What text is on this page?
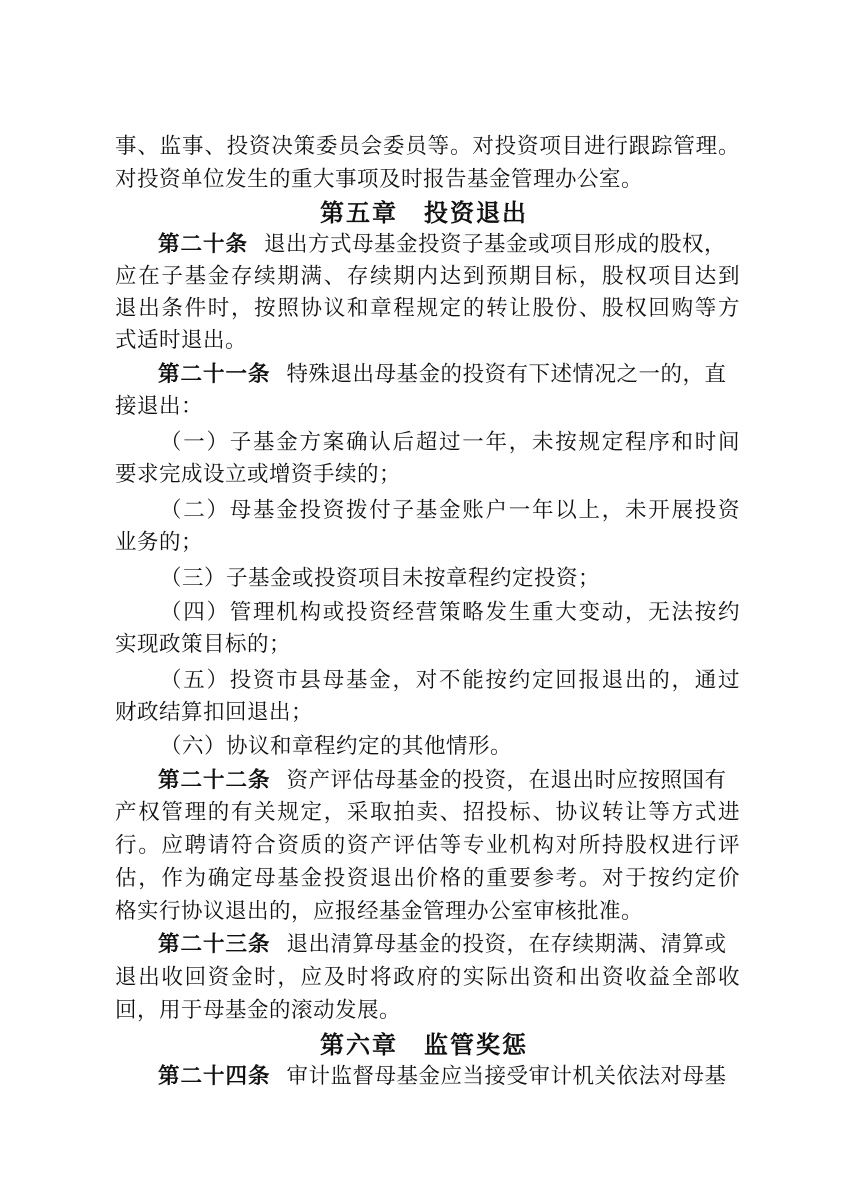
事、监事、投资决策委员会委员等。对投资项目进行跟踪管理。
对投资单位发生的重大事项及时报告基金管理办公室。
第五章　投资退出
第二十条 退出方式母基金投资子基金或项目形成的股权，
应在子基金存续期满、存续期内达到预期目标，股权项目达到
退出条件时，按照协议和章程规定的转让股份、股权回购等方
式适时退出。
第二十一条 特殊退出母基金的投资有下述情况之一的，直
接退出：
（一）子基金方案确认后超过一年，未按规定程序和时间
要求完成设立或增资手续的；
（二）母基金投资拨付子基金账户一年以上，未开展投资
业务的；
（三）子基金或投资项目未按章程约定投资；
（四）管理机构或投资经营策略发生重大变动，无法按约
实现政策目标的；
（五）投资市县母基金，对不能按约定回报退出的，通过
财政结算扣回退出；
（六）协议和章程约定的其他情形。
第二十二条 资产评估母基金的投资，在退出时应按照国有
产权管理的有关规定，采取拍卖、招投标、协议转让等方式进
行。应聘请符合资质的资产评估等专业机构对所持股权进行评
估，作为确定母基金投资退出价格的重要参考。对于按约定价
格实行协议退出的，应报经基金管理办公室审核批准。
第二十三条 退出清算母基金的投资，在存续期满、清算或
退出收回资金时，应及时将政府的实际出资和出资收益全部收
回，用于母基金的滚动发展。
第六章　监管奖惩
第二十四条 审计监督母基金应当接受审计机关依法对母基
